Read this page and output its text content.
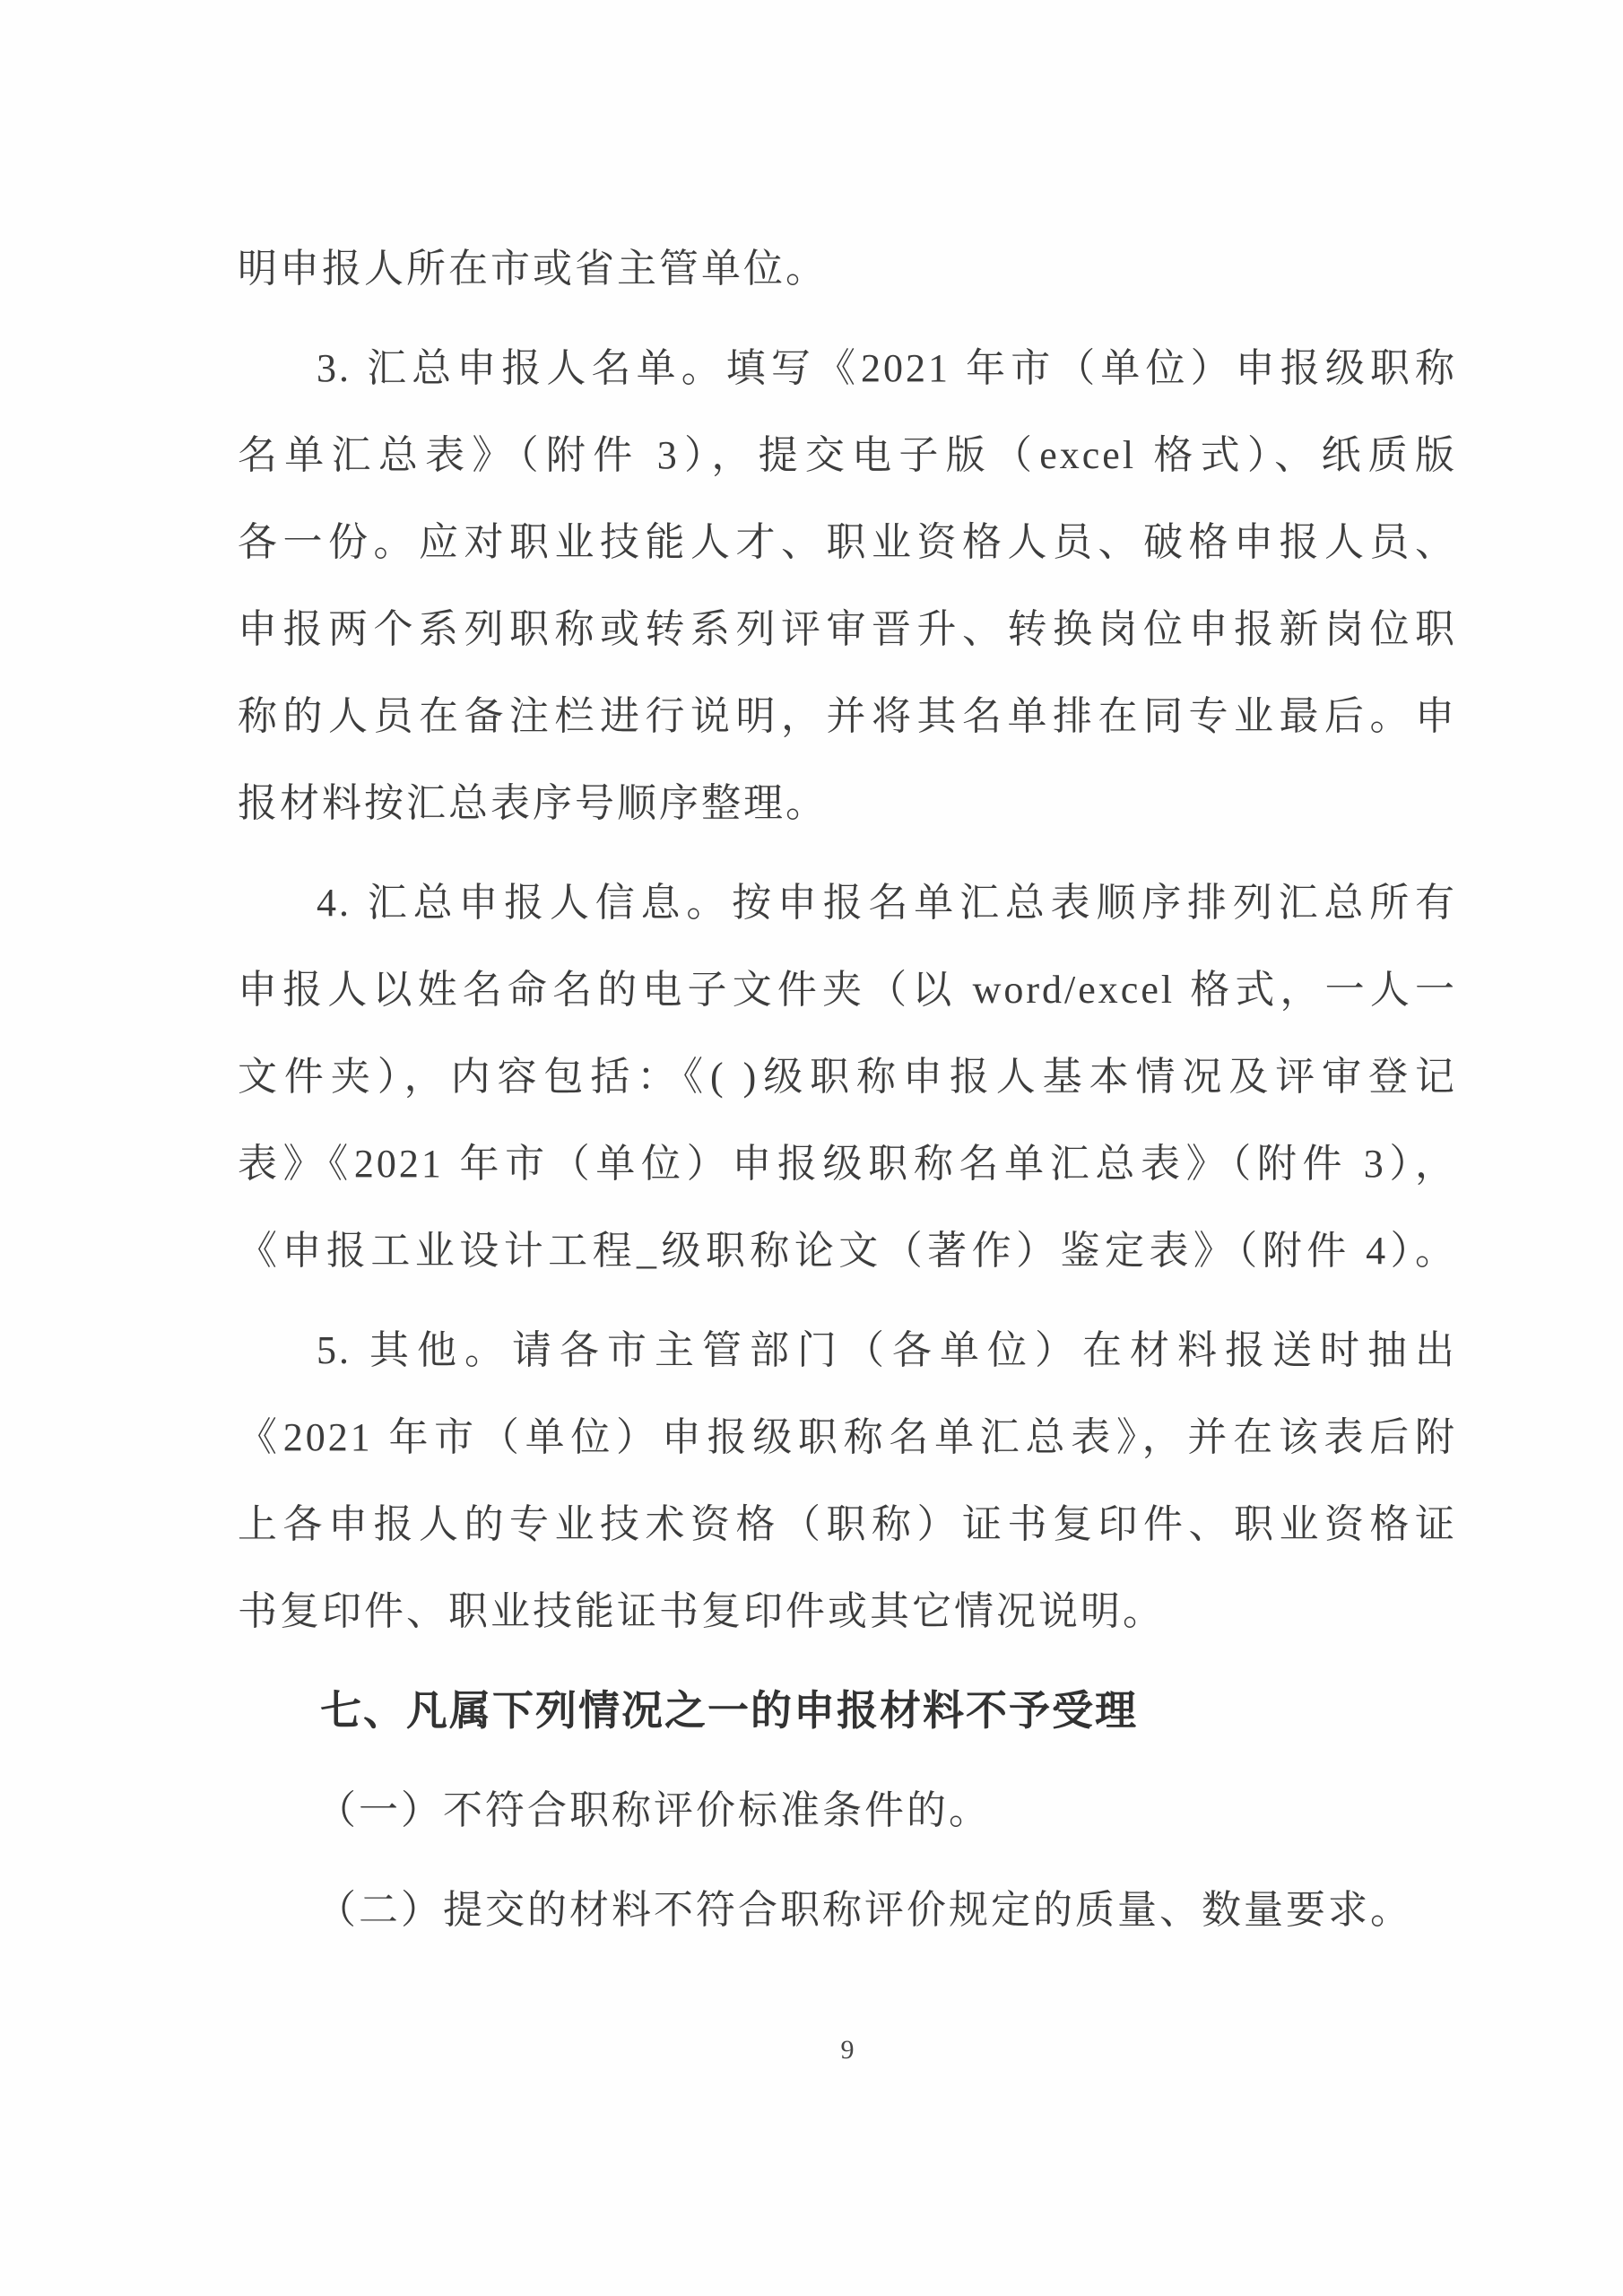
明申报人所在市或省主管单位。

3. 汇总申报人名单。填写《2021 年市（单位）申报级职称

名单汇总表》（附件 3），提交电子版（excel 格式）、纸质版

各一份。应对职业技能人才、职业资格人员、破格申报人员、

申报两个系列职称或转系列评审晋升、转换岗位申报新岗位职

称的人员在备注栏进行说明，并将其名单排在同专业最后。申

报材料按汇总表序号顺序整理。

4. 汇总申报人信息。按申报名单汇总表顺序排列汇总所有

申报人以姓名命名的电子文件夹（以 word/excel 格式，一人一

文件夹），内容包括：《( )级职称申报人基本情况及评审登记

表》《2021 年市（单位）申报级职称名单汇总表》（附件 3），

《申报工业设计工程_级职称论文（著作）鉴定表》（附件 4）。

5. 其他。请各市主管部门（各单位）在材料报送时抽出

《2021 年市（单位）申报级职称名单汇总表》，并在该表后附

上各申报人的专业技术资格（职称）证书复印件、职业资格证

书复印件、职业技能证书复印件或其它情况说明。

七、凡属下列情况之一的申报材料不予受理

（一）不符合职称评价标准条件的。

（二）提交的材料不符合职称评价规定的质量、数量要求。

9
